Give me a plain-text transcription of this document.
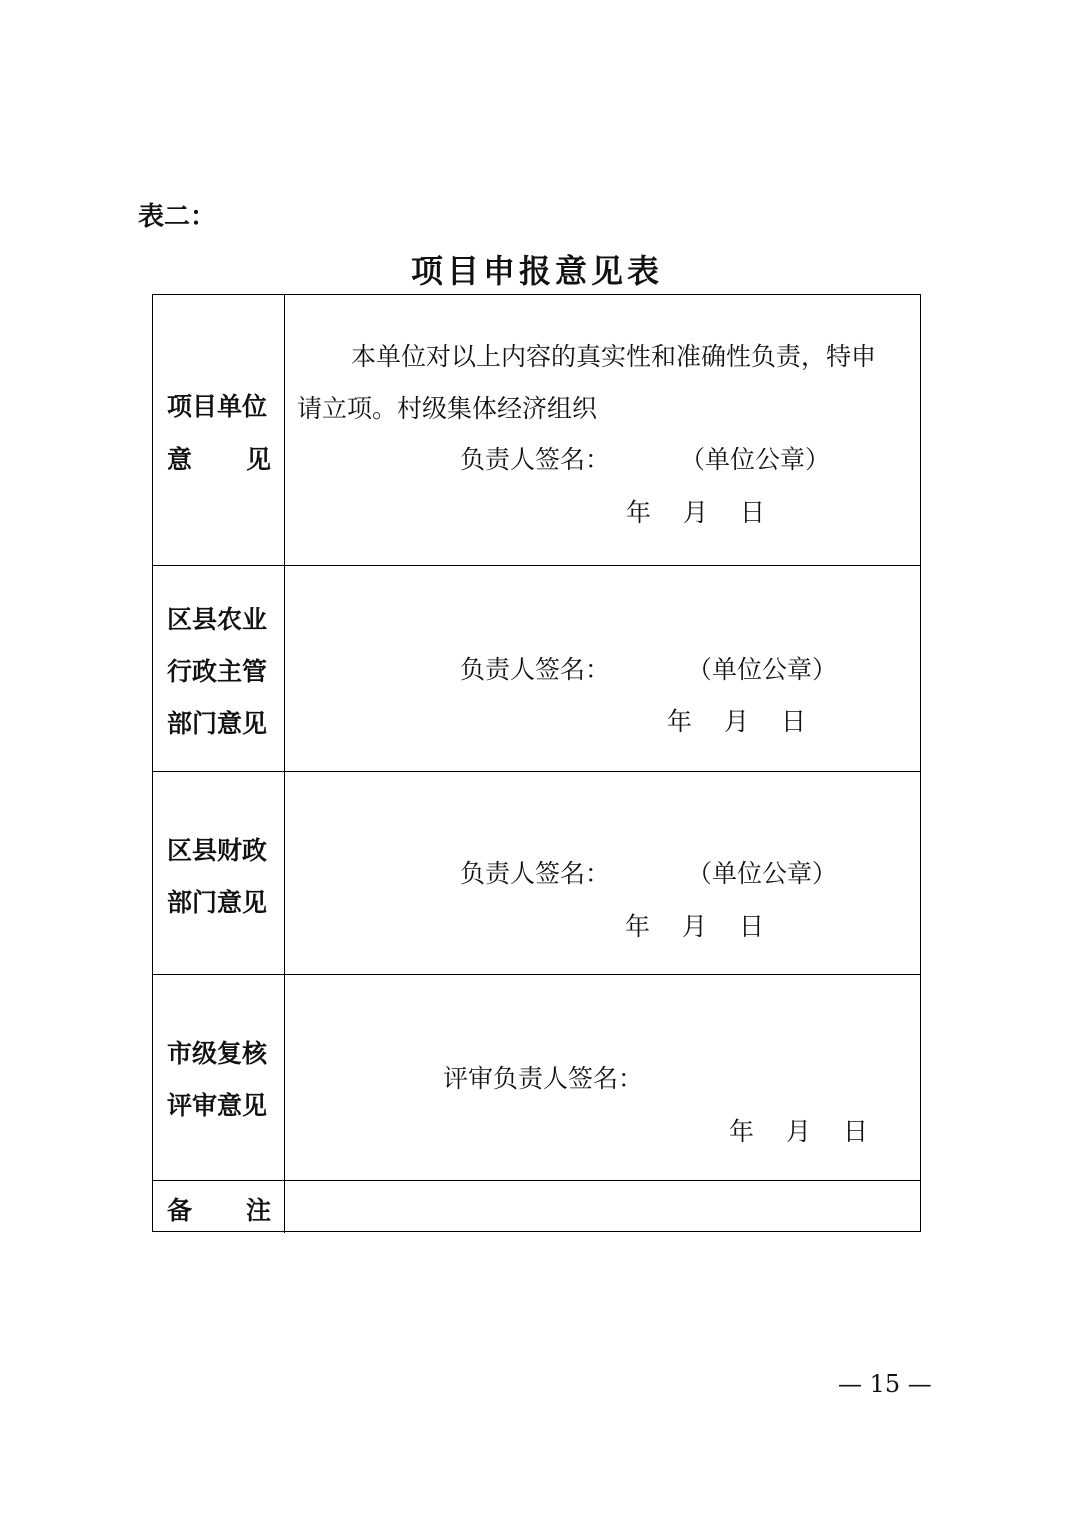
表二：
项目申报意见表
项目单位
意 见
本单位对以上内容的真实性和准确性负责，特申
请立项。村级集体经济组织
负责人签名：	（单位公章）
年 月 日
区县农业
行政主管
部门意见
负责人签名：	（单位公章）
年 月 日
区县财政
部门意见
负责人签名：	（单位公章）
年 月 日
市级复核
评审意见
评审负责人签名：
年 月 日
备 注
— 15 —
